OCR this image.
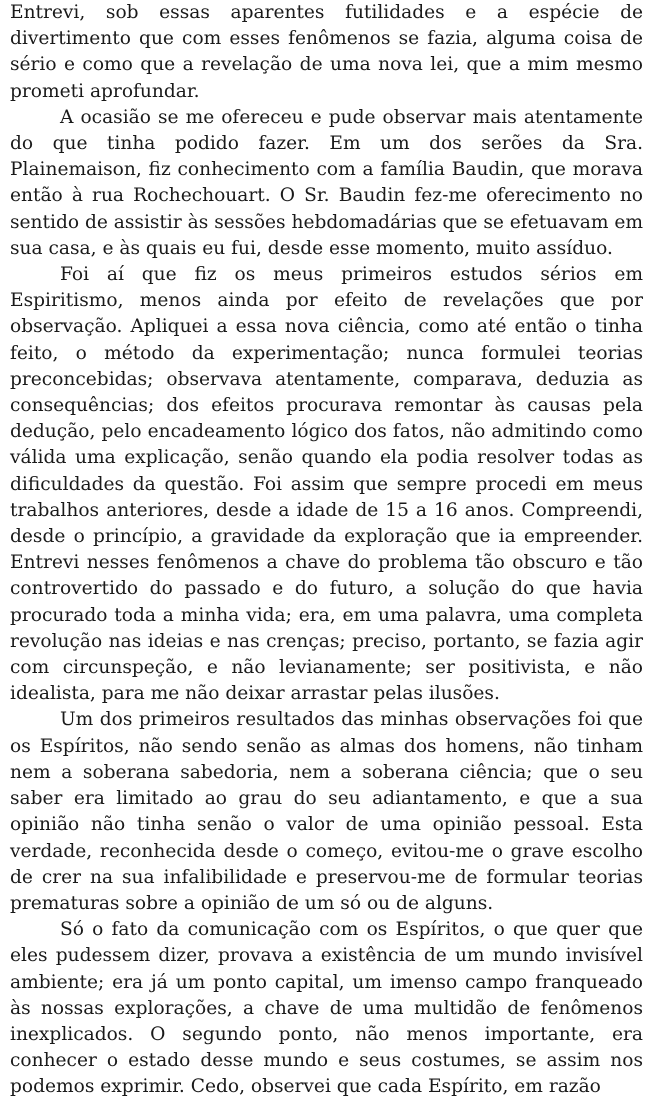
Entrevi, sob essas aparentes futilidades e a espécie de divertimento que com esses fenômenos se fazia, alguma coisa de sério e como que a revelação de uma nova lei, que a mim mesmo prometi aprofundar.

A ocasião se me ofereceu e pude observar mais atentamente do que tinha podido fazer. Em um dos serões da Sra. Plainemaison, fiz conhecimento com a família Baudin, que morava então à rua Rochechouart. O Sr. Baudin fez-me oferecimento no sentido de assistir às sessões hebdomadárias que se efetuavam em sua casa, e às quais eu fui, desde esse momento, muito assíduo.

Foi aí que fiz os meus primeiros estudos sérios em Espiritismo, menos ainda por efeito de revelações que por observação. Apliquei a essa nova ciência, como até então o tinha feito, o método da experimentação; nunca formulei teorias preconcebidas; observava atentamente, comparava, deduzia as consequências; dos efeitos procurava remontar às causas pela dedução, pelo encadeamento lógico dos fatos, não admitindo como válida uma explicação, senão quando ela podia resolver todas as dificuldades da questão. Foi assim que sempre procedi em meus trabalhos anteriores, desde a idade de 15 a 16 anos. Compreendi, desde o princípio, a gravidade da exploração que ia empreender. Entrevi nesses fenômenos a chave do problema tão obscuro e tão controvertido do passado e do futuro, a solução do que havia procurado toda a minha vida; era, em uma palavra, uma completa revolução nas ideias e nas crenças; preciso, portanto, se fazia agir com circunspeção, e não levianamente; ser positivista, e não idealista, para me não deixar arrastar pelas ilusões.

Um dos primeiros resultados das minhas observações foi que os Espíritos, não sendo senão as almas dos homens, não tinham nem a soberana sabedoria, nem a soberana ciência; que o seu saber era limitado ao grau do seu adiantamento, e que a sua opinião não tinha senão o valor de uma opinião pessoal. Esta verdade, reconhecida desde o começo, evitou-me o grave escolho de crer na sua infalibilidade e preservou-me de formular teorias prematuras sobre a opinião de um só ou de alguns.

Só o fato da comunicação com os Espíritos, o que quer que eles pudessem dizer, provava a existência de um mundo invisível ambiente; era já um ponto capital, um imenso campo franqueado às nossas explorações, a chave de uma multidão de fenômenos inexplicados. O segundo ponto, não menos importante, era conhecer o estado desse mundo e seus costumes, se assim nos podemos exprimir. Cedo, observei que cada Espírito, em razão
